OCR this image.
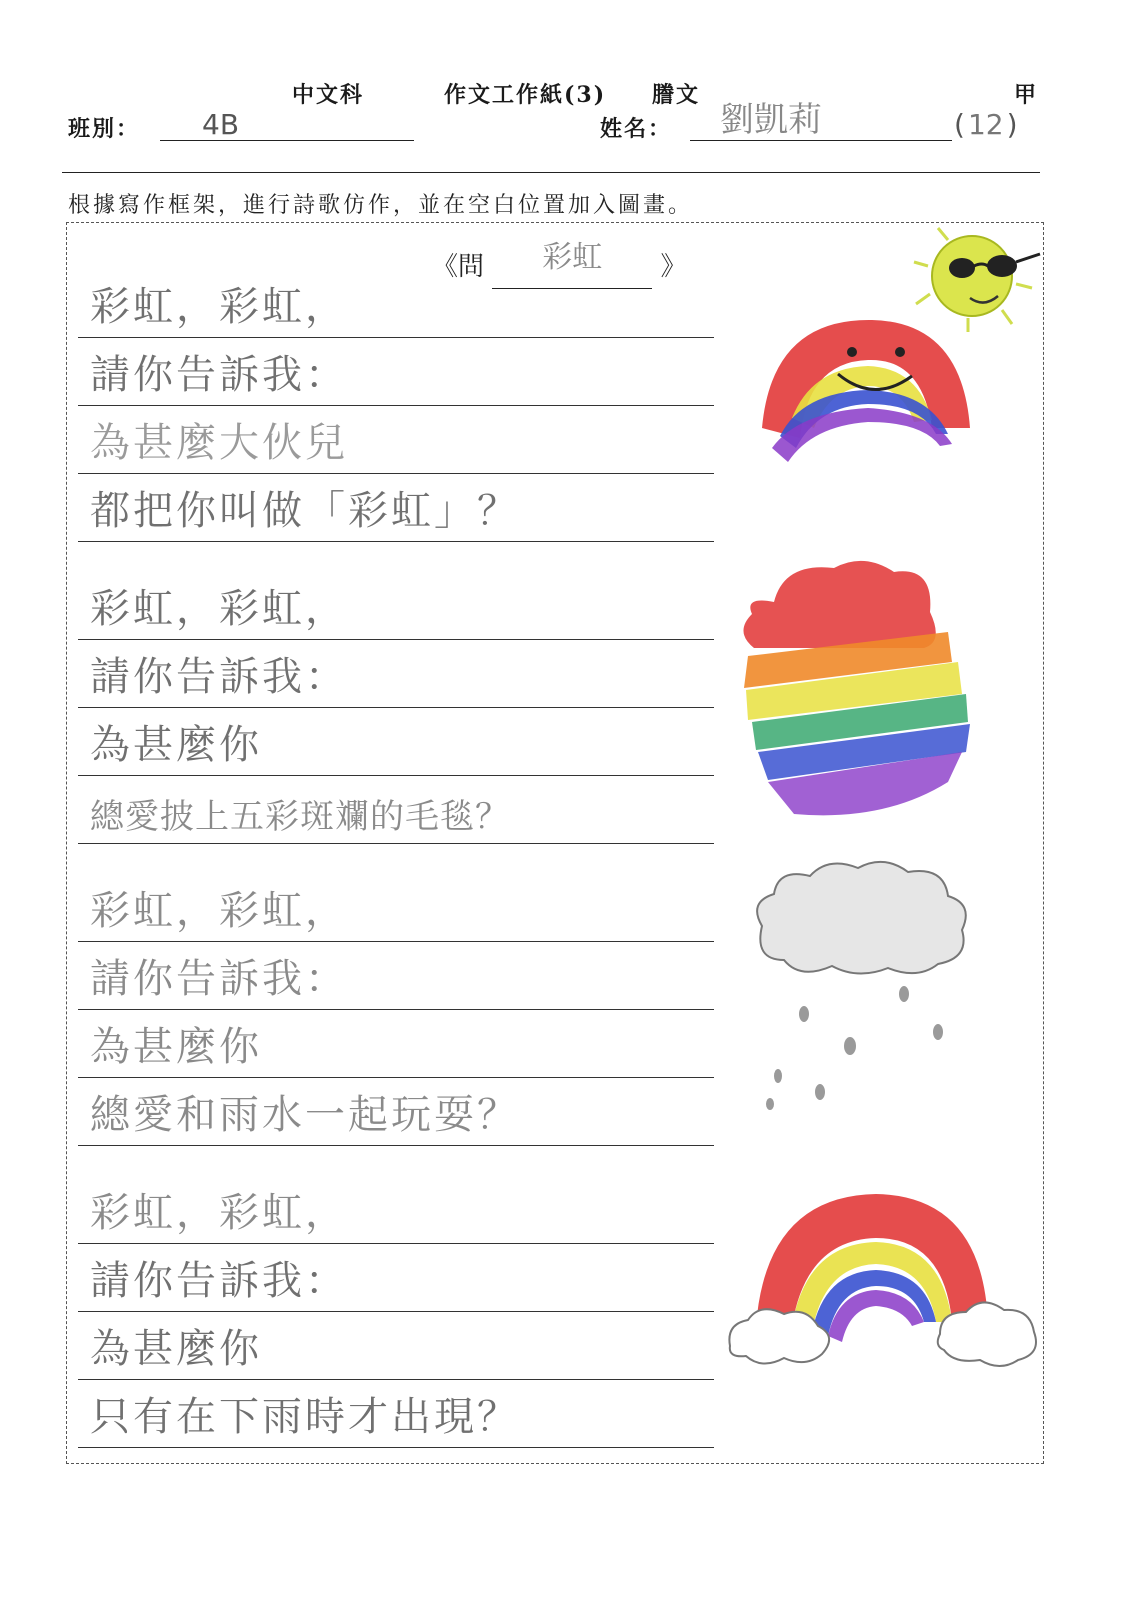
中文科	作文工作紙(3) 謄文	甲
班別： 4B	姓名： 劉凱莉	( 12 )
根據寫作框架，進行詩歌仿作，並在空白位置加入圖畫。
《問 彩虹 》
彩虹，彩虹，
請你告訴我：
為甚麼大伙兒
都把你叫做「彩虹」？
彩虹，彩虹，
請你告訴我：
為甚麼你
總愛披上五彩斑斕的毛毯？
彩虹，彩虹，
請你告訴我：
為甚麼你
總愛和雨水一起玩耍？
彩虹，彩虹，
請你告訴我：
為甚麼你
只有在下雨時才出現？
